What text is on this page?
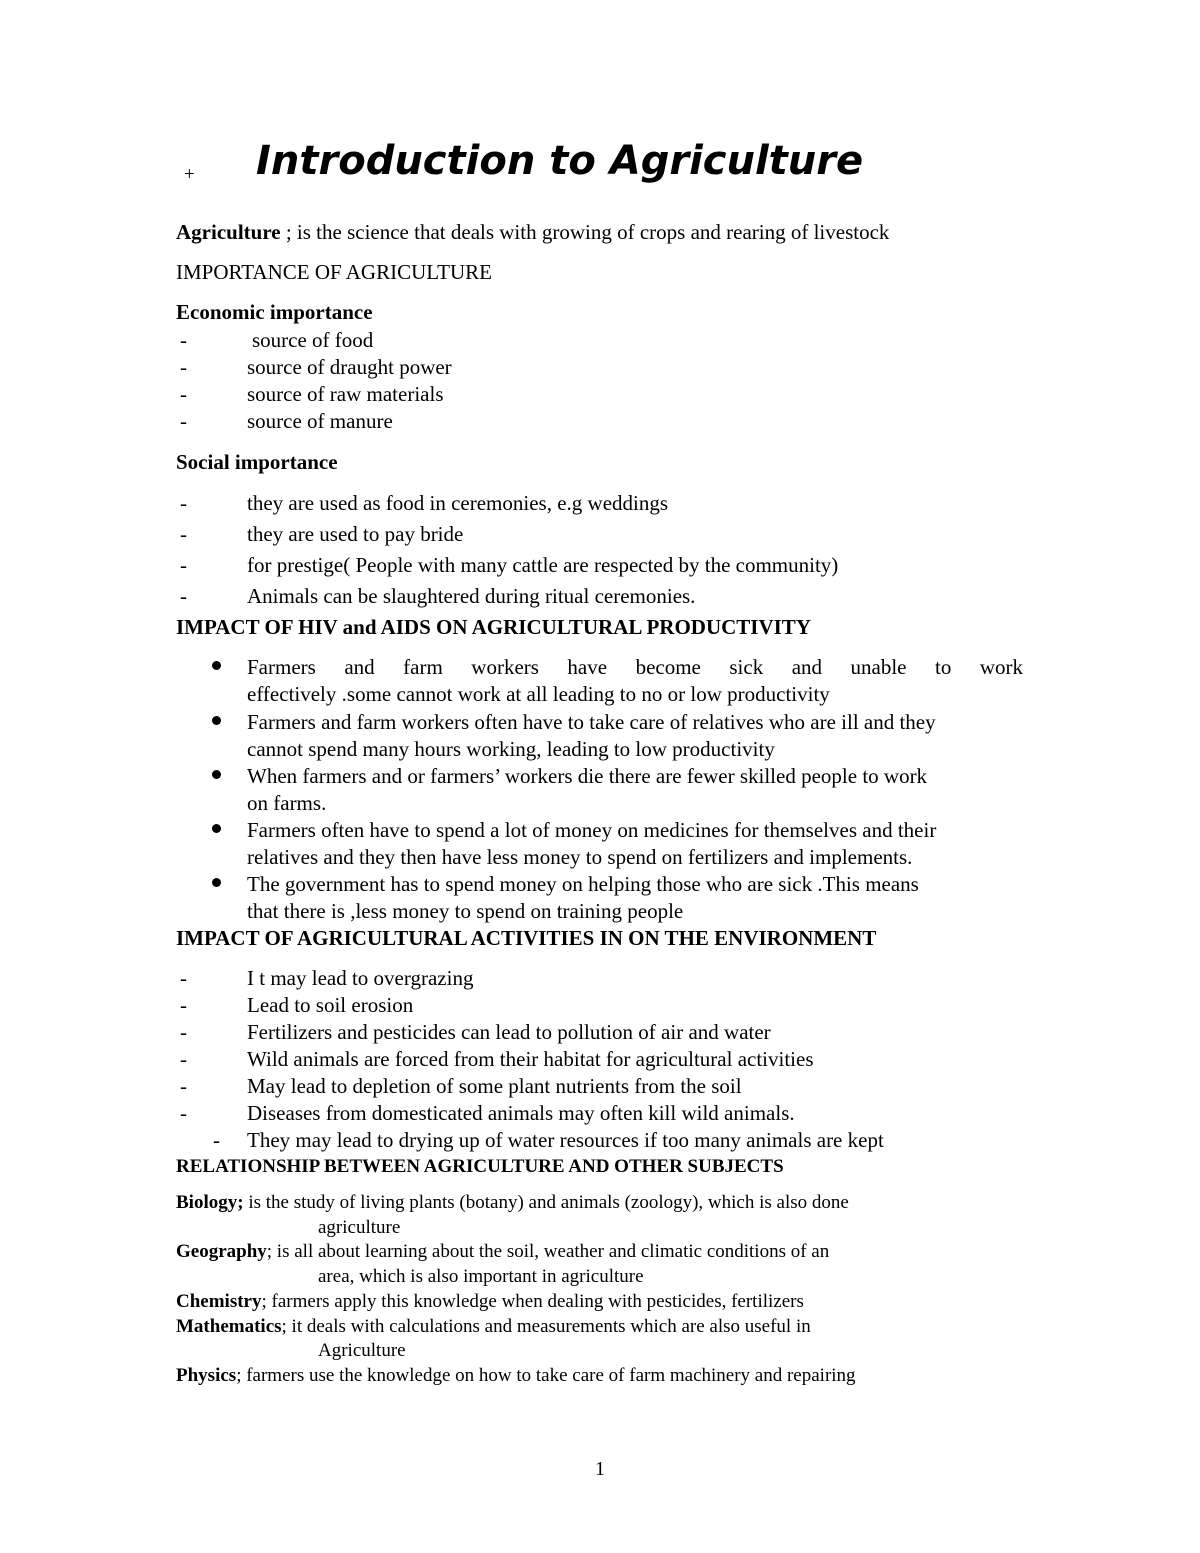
+ Introduction to Agriculture
Agriculture ; is the science that deals with growing of crops and rearing of livestock
IMPORTANCE OF AGRICULTURE
Economic importance
-	source of food
-	source of draught power
-	source of raw materials
-	source of manure
Social importance
-	they are used as food in ceremonies, e.g weddings
-	they are used to pay bride
-	for prestige( People with many cattle are respected by the community)
-	Animals can be slaughtered during ritual ceremonies.
IMPACT OF HIV and AIDS ON AGRICULTURAL PRODUCTIVITY

Farmers and farm workers have become sick and unable to work

effectively .some cannot work at all leading to no or low productivity

Farmers and farm workers often have to take care of relatives who are ill and they

cannot spend many hours working, leading to low productivity

When farmers and or farmers’ workers die there are fewer skilled people to work

on farms.

Farmers often have to spend a lot of money on medicines for themselves and their

relatives and they then have less money to spend on fertilizers and implements.

The government has to spend money on helping those who are sick .This means

that there is ,less money to spend on training people

IMPACT OF AGRICULTURAL ACTIVITIES IN ON THE ENVIRONMENT
-	I t may lead to overgrazing
-	Lead to soil erosion
-	Fertilizers and pesticides can lead to pollution of air and water
-	Wild animals are forced from their habitat for agricultural activities
-	May lead to depletion of some plant nutrients from the soil
-	Diseases from domesticated animals may often kill wild animals.
- They may lead to drying up of water resources if too many animals are kept
RELATIONSHIP BETWEEN AGRICULTURE AND OTHER SUBJECTS
Biology; is the study of living plants (botany) and animals (zoology), which is also done
agriculture
Geography; is all about learning about the soil, weather and climatic conditions of an
area, which is also important in agriculture
Chemistry; farmers apply this knowledge when dealing with pesticides, fertilizers
Mathematics; it deals with calculations and measurements which are also useful in
Agriculture
Physics; farmers use the knowledge on how to take care of farm machinery and repairing
1
